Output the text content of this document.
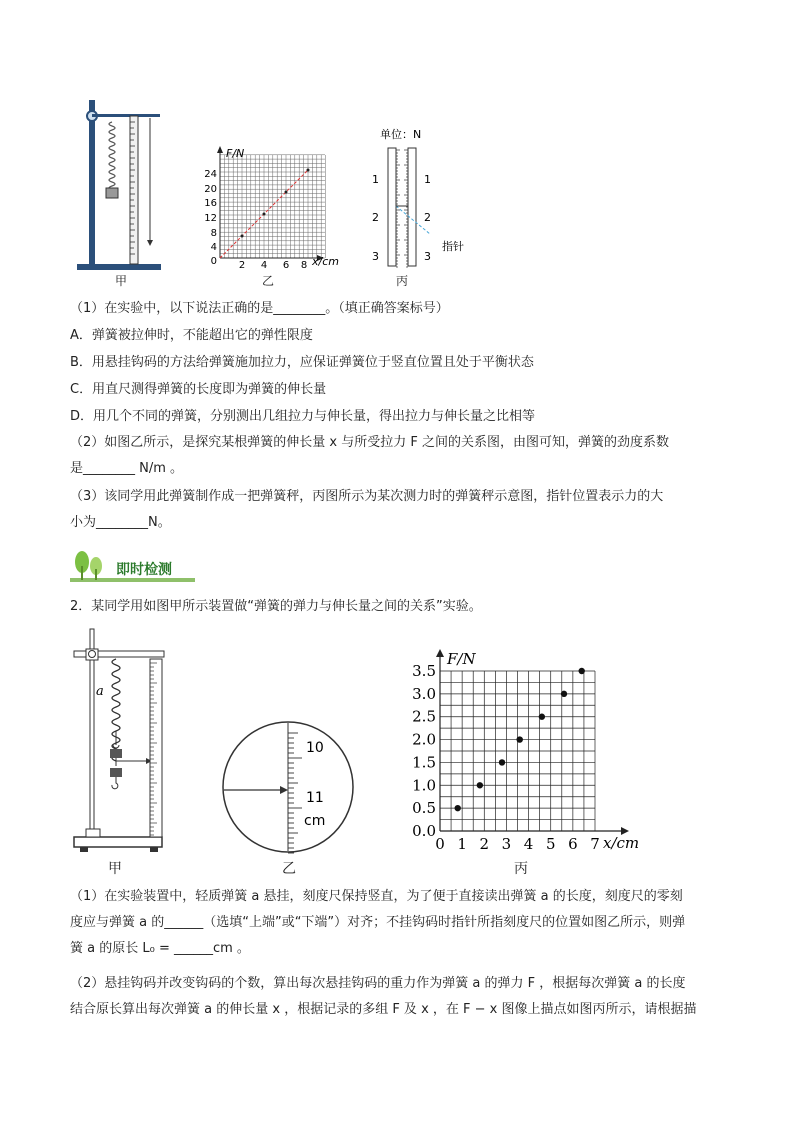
甲
F/N
x/cm
24
20
16
12
8
4
0 2 4 6 8
乙
单位：N
1
2
3
1
2
3
指针
丙
（1）在实验中，以下说法正确的是________。（填正确答案标号）
A．弹簧被拉伸时，不能超出它的弹性限度
B．用悬挂钩码的方法给弹簧施加拉力，应保证弹簧位于竖直位置且处于平衡状态
C．用直尺测得弹簧的长度即为弹簧的伸长量
D．用几个不同的弹簧，分别测出几组拉力与伸长量，得出拉力与伸长量之比相等
（2）如图乙所示，是探究某根弹簧的伸长量 x 与所受拉力 F 之间的关系图，由图可知，弹簧的劲度系数
是________ N/m 。
（3）该同学用此弹簧制作成一把弹簧秤，丙图所示为某次测力时的弹簧秤示意图，指针位置表示力的大
小为________N。
即时检测
2．某同学用如图甲所示装置做“弹簧的弹力与伸长量之间的关系”实验。
a
甲
10
11
cm
乙
0 1 2 3 4 5 6 7
0.0
0.5
1.0
1.5
2.0
2.5
3.0
3.5
F/N
x/cm
丙
（1）在实验装置中，轻质弹簧 a 悬挂，刻度尺保持竖直，为了便于直接读出弹簧 a 的长度，刻度尺的零刻
度应与弹簧 a 的______（选填“上端”或“下端”）对齐；不挂钩码时指针所指刻度尺的位置如图乙所示，则弹
簧 a 的原长 L₀ = ______cm 。
（2）悬挂钩码并改变钩码的个数，算出每次悬挂钩码的重力作为弹簧 a 的弹力 F ，根据每次弹簧 a 的长度
结合原长算出每次弹簧 a 的伸长量 x ，根据记录的多组 F 及 x ，在 F − x 图像上描点如图丙所示，请根据描
